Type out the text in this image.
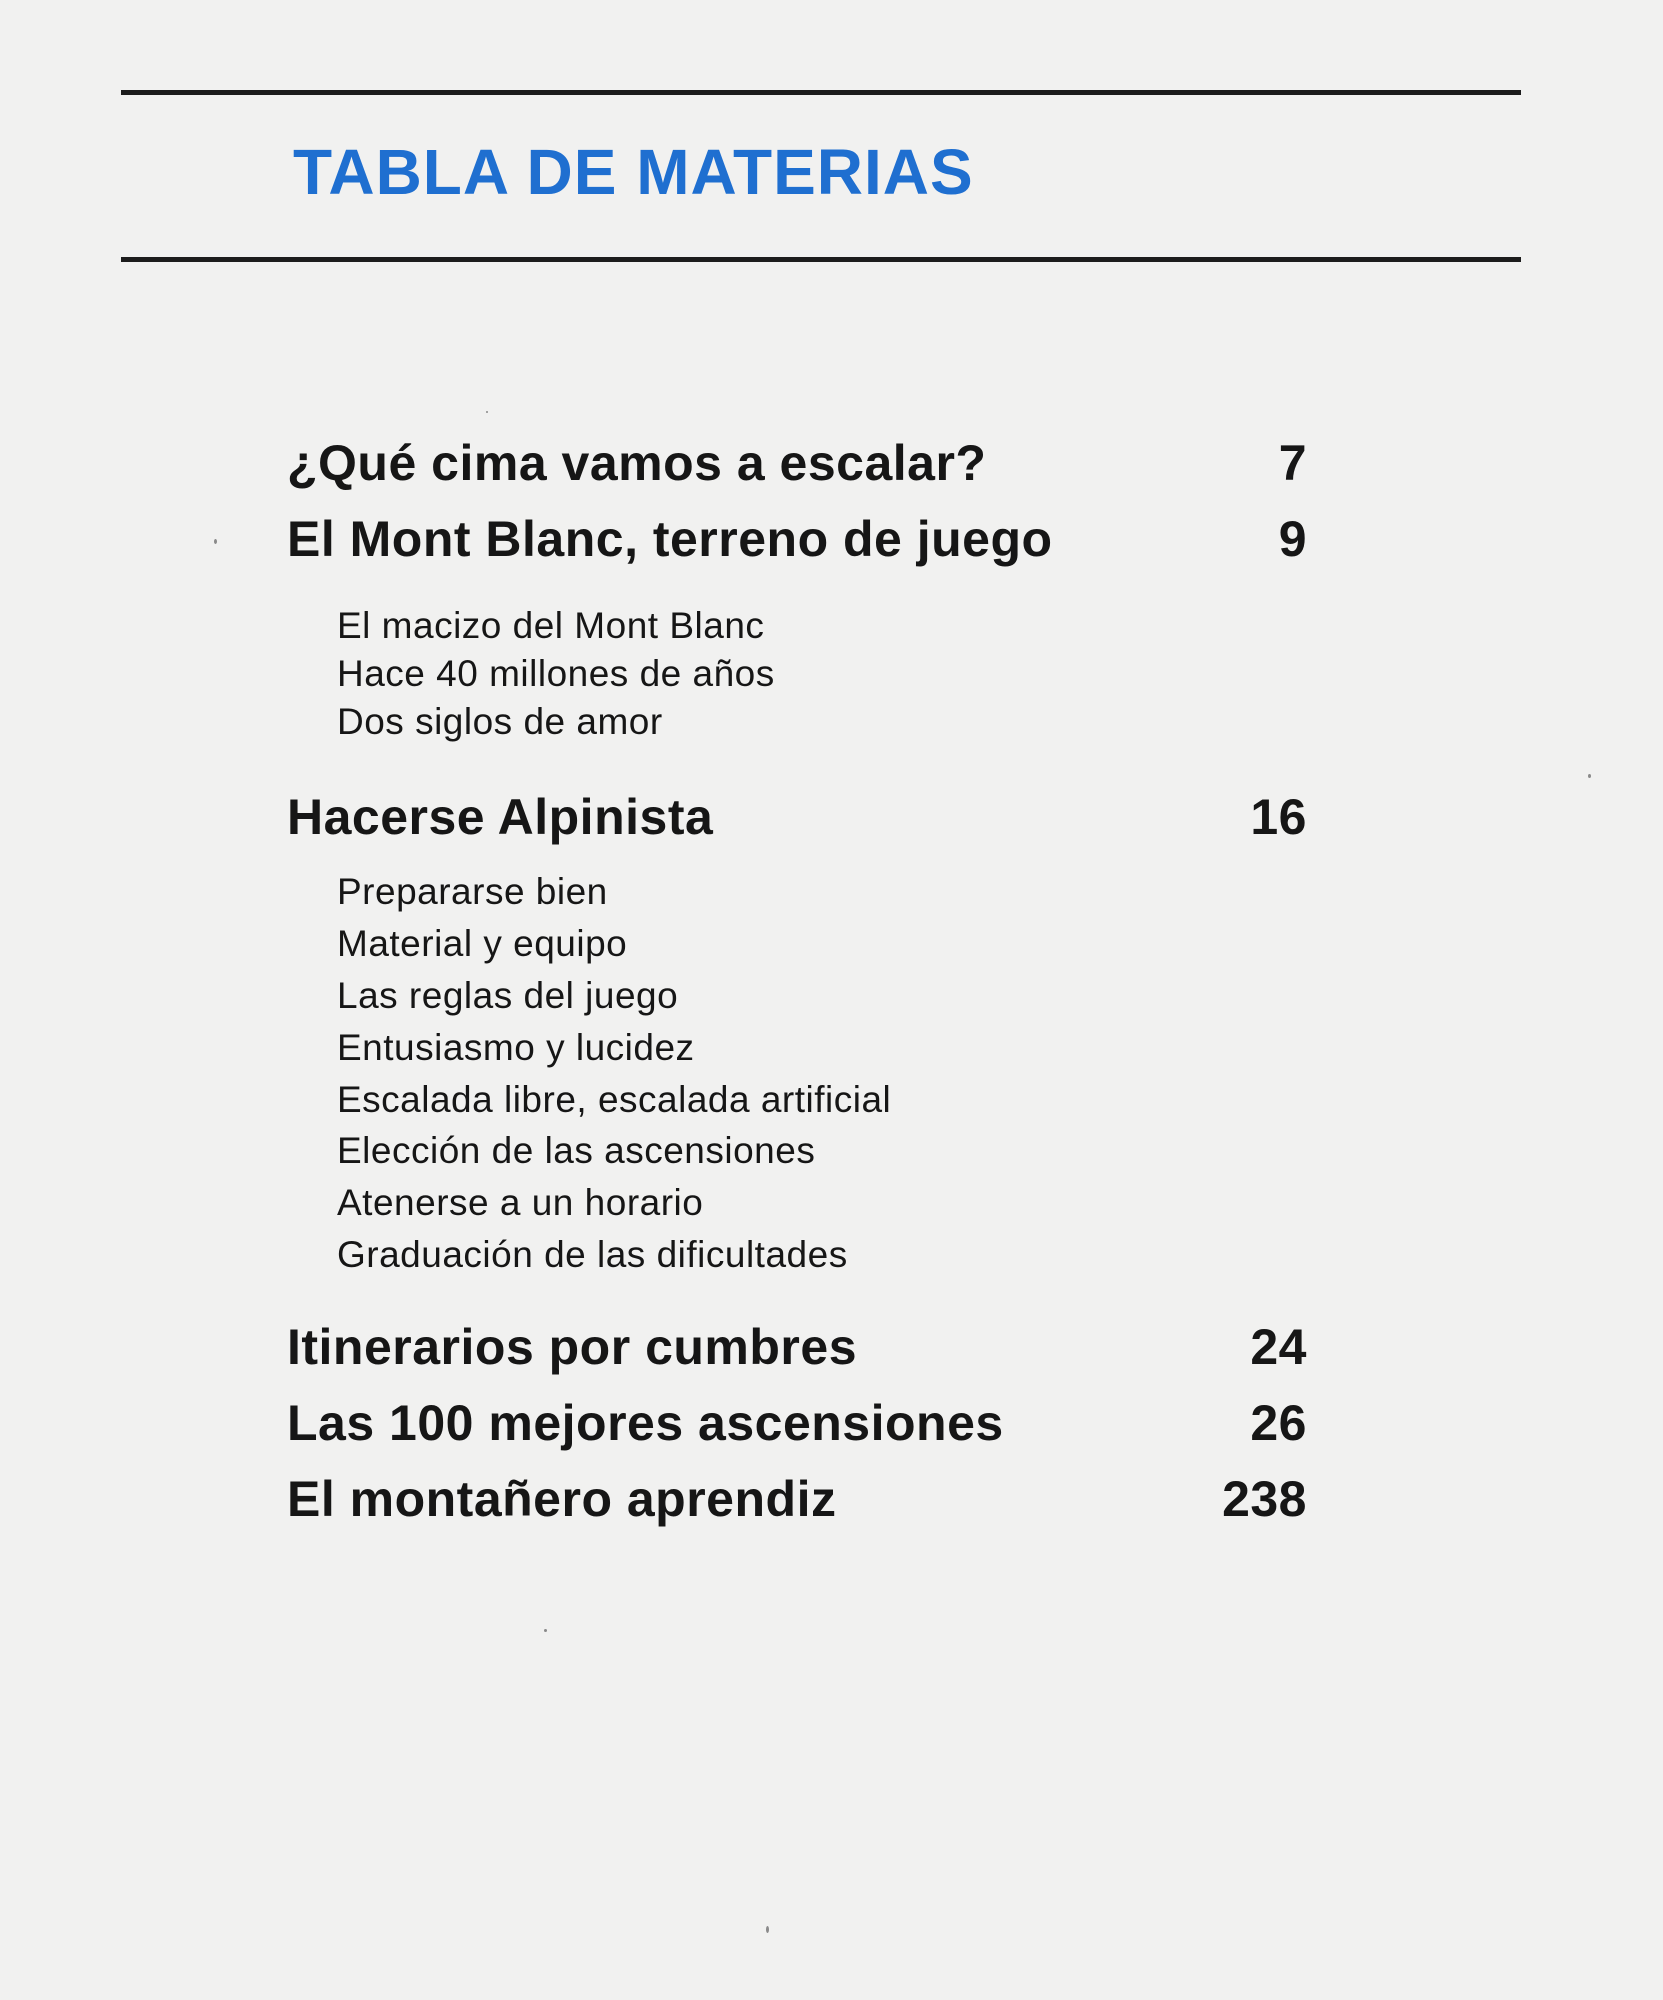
TABLA DE MATERIAS
¿Qué cima vamos a escalar?	7
El Mont Blanc, terreno de juego	9
El macizo del Mont Blanc
Hace 40 millones de años
Dos siglos de amor
Hacerse Alpinista	16
Prepararse bien
Material y equipo
Las reglas del juego
Entusiasmo y lucidez
Escalada libre, escalada artificial
Elección de las ascensiones
Atenerse a un horario
Graduación de las dificultades
Itinerarios por cumbres	24
Las 100 mejores ascensiones	26
El montañero aprendiz	238
